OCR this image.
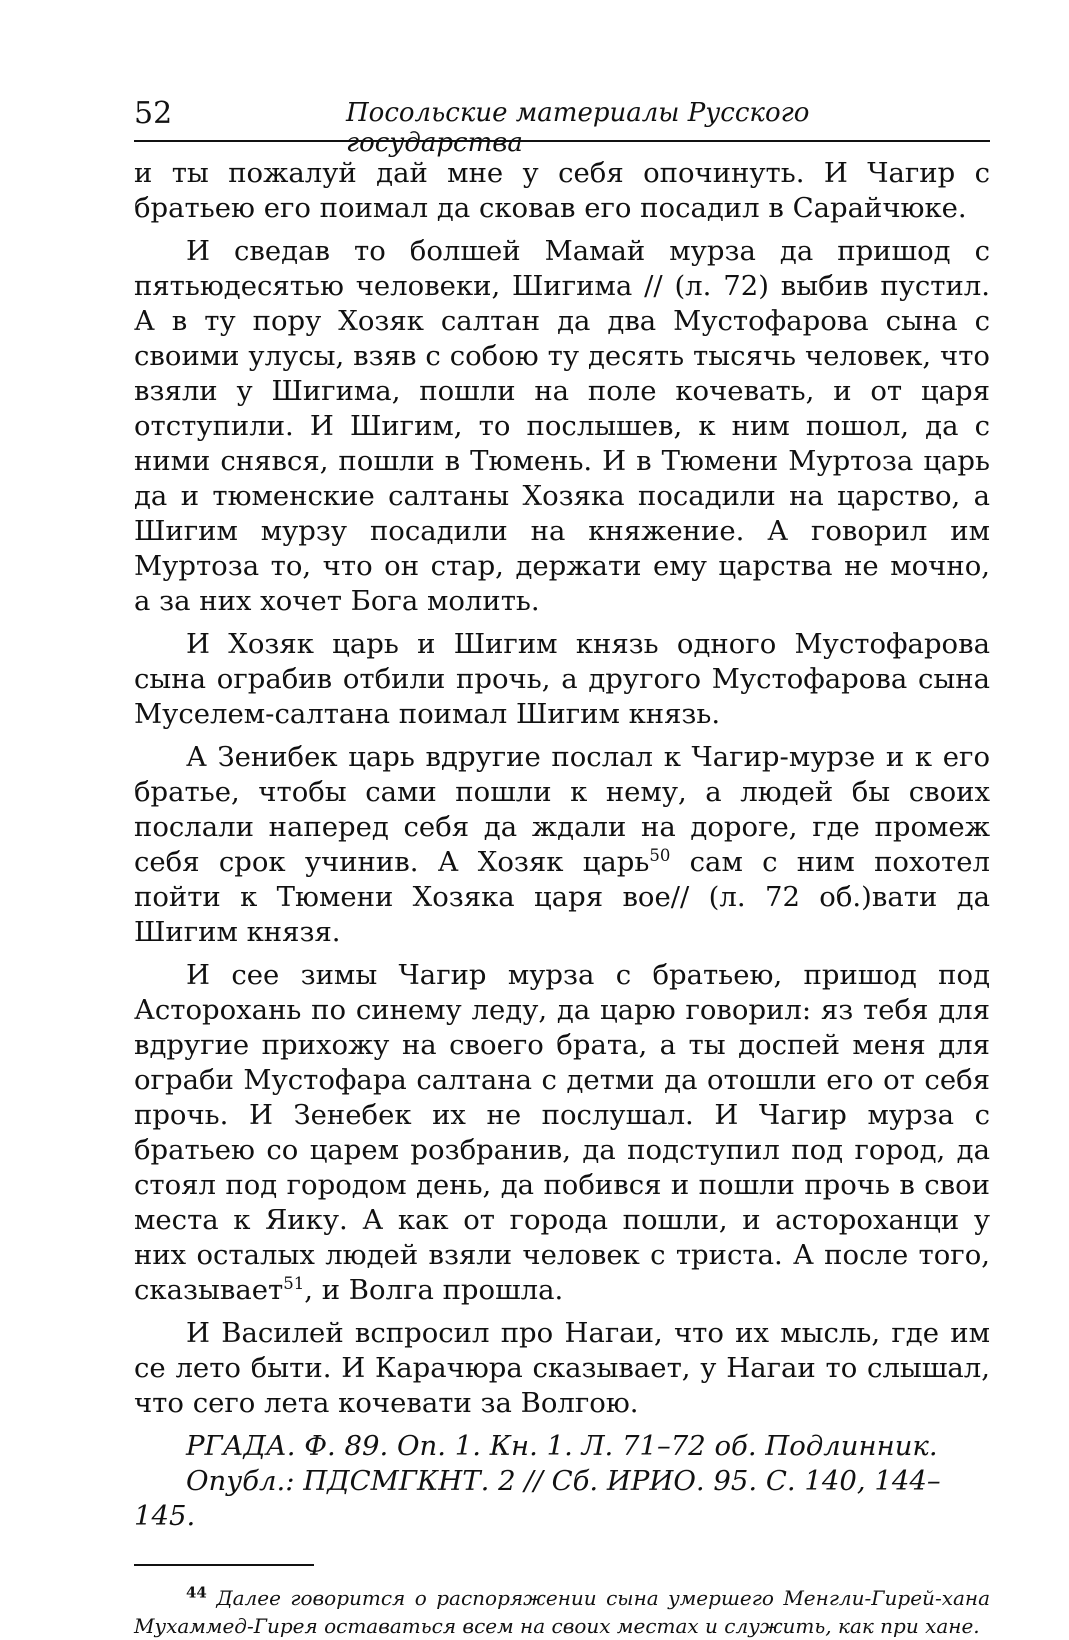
52	Посольские материалы Русского государства

и ты пожалуй дай мне у себя опочинуть. И Чагир с братьею его поимал да сковав его посадил в Сарайчюке.

И сведав то болшей Мамай мурза да пришод с пятьюдесятью человеки, Шигима // (л. 72) выбив пустил. А в ту пору Хозяк салтан да два Мустофарова сына с своими улусы, взяв с собою ту десять тысячь человек, что взяли у Шигима, пошли на поле кочевать, и от царя отступили. И Шигим, то послышев, к ним пошол, да с ними снявся, пошли в Тюмень. И в Тюмени Муртоза царь да и тюменские салтаны Хозяка посадили на царство, а Шигим мурзу посадили на княжение. А говорил им Муртоза то, что он стар, держати ему царства не мочно, а за них хочет Бога молить.

И Хозяк царь и Шигим князь одного Мустофарова сына ограбив отбили прочь, а другого Мустофарова сына Муселем-салтана поимал Шигим князь.

А Зенибек царь вдругие послал к Чагир-мурзе и к его братье, чтобы сами пошли к нему, а людей бы своих послали наперед себя да ждали на дороге, где промеж себя срок учинив. А Хозяк царь$^{50}$ сам с ним похотел пойти к Тюмени Хозяка царя вое// (л. 72 об.)вати да Шигим князя.

И сее зимы Чагир мурза с братьею, пришод под Асторохань по синему леду, да царю говорил: яз тебя для вдругие прихожу на своего брата, а ты доспей меня для ограби Мустофара салтана с детми да отошли его от себя прочь. И Зенебек их не послушал. И Чагир мурза с братьею со царем розбранив, да подступил под город, да стоял под городом день, да побився и пошли прочь в свои места к Яику. А как от города пошли, и астороханци у них осталых людей взяли человек с триста. А после того, сказывает$^{51}$, и Волга прошла.

И Василей вспросил про Нагаи, что их мысль, где им се лето быти. И Карачюра сказывает, у Нагаи то слышал, что сего лета кочевати за Волгою.

РГАДА. Ф. 89. Оп. 1. Кн. 1. Л. 71–72 об. Подлинник.

Опубл.: ПДСМГКНТ. 2 // Сб. ИРИО. 95. С. 140, 144–145.

$^{44}$ Далее говорится о распоряжении сына умершего Менгли-Гирей-хана Мухаммед-Гирея оставаться всем на своих местах и служить, как при хане.
